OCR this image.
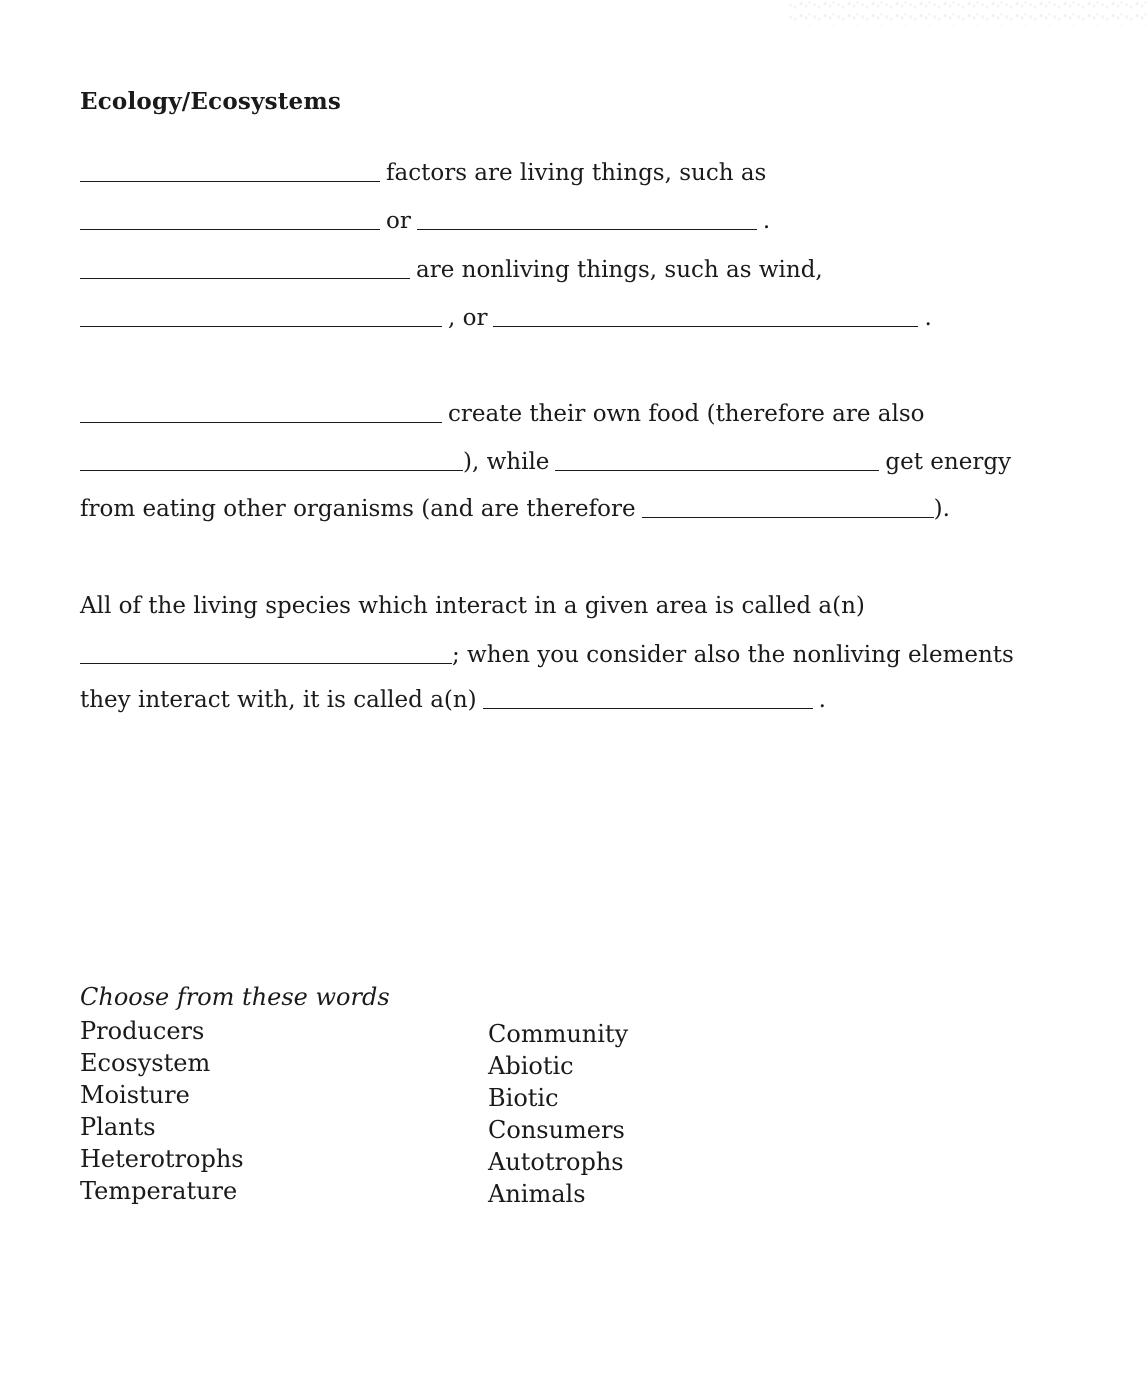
Ecology/Ecosystems
factors are living things, such as
or	.
are nonliving things, such as wind,
, or	.
create their own food (therefore are also
), while	get energy
from eating other organisms (and are therefore	).
All of the living species which interact in a given area is called a(n)
; when you consider also the nonliving elements
they interact with, it is called a(n)	.
Choose from these words
Producers
Ecosystem
Moisture
Plants
Heterotrophs
Temperature
Community
Abiotic
Biotic
Consumers
Autotrophs
Animals
